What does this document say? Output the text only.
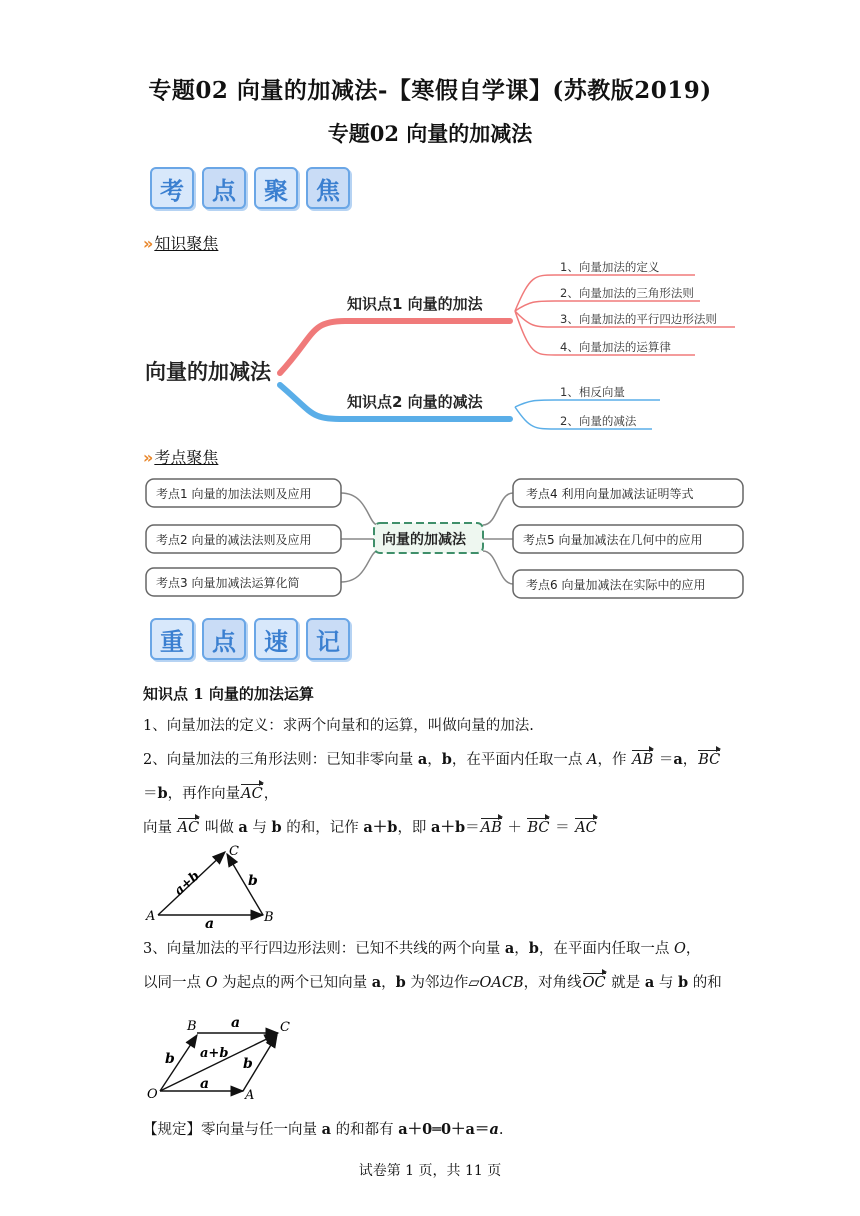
专题02 向量的加减法-【寒假自学课】(苏教版2019)
专题02 向量的加减法
考	点	聚	焦
» 知识聚焦
向量的加减法
知识点1 向量的加法
知识点2 向量的减法
1、向量加法的定义
2、向量加法的三角形法则
3、向量加法的平行四边形法则
4、向量加法的运算律
1、相反向量
2、向量的减法
» 考点聚焦
向量的加减法
考点1 向量的加法法则及应用
考点2 向量的减法法则及应用
考点3 向量加减法运算化简
考点4 利用向量加减法证明等式
考点5 向量加减法在几何中的应用
考点6 向量加减法在实际中的应用
重	点	速	记
知识点 1 向量的加法运算
1、向量加法的定义：求两个向量和的运算，叫做向量的加法.
2、向量加法的三角形法则：已知非零向量 a，b，在平面内任取一点 A，作 AB ＝a，BC
＝b，再作向量AC，
向量 AC 叫做 a 与 b 的和，记作 a＋b，即 a＋b＝AB ＋ BC ＝ AC
A	B
C
a
b
a+b
3、向量加法的平行四边形法则：已知不共线的两个向量 a，b，在平面内任取一点 O，
以同一点 O 为起点的两个已知向量 a，b 为邻边作▱OACB，对角线OC 就是 a 与 b 的和
O	A
B	C
a
a
b	b
a+b
【规定】零向量与任一向量 a 的和都有 a＋0═0＋a＝a.
试卷第 1 页，共 11 页
